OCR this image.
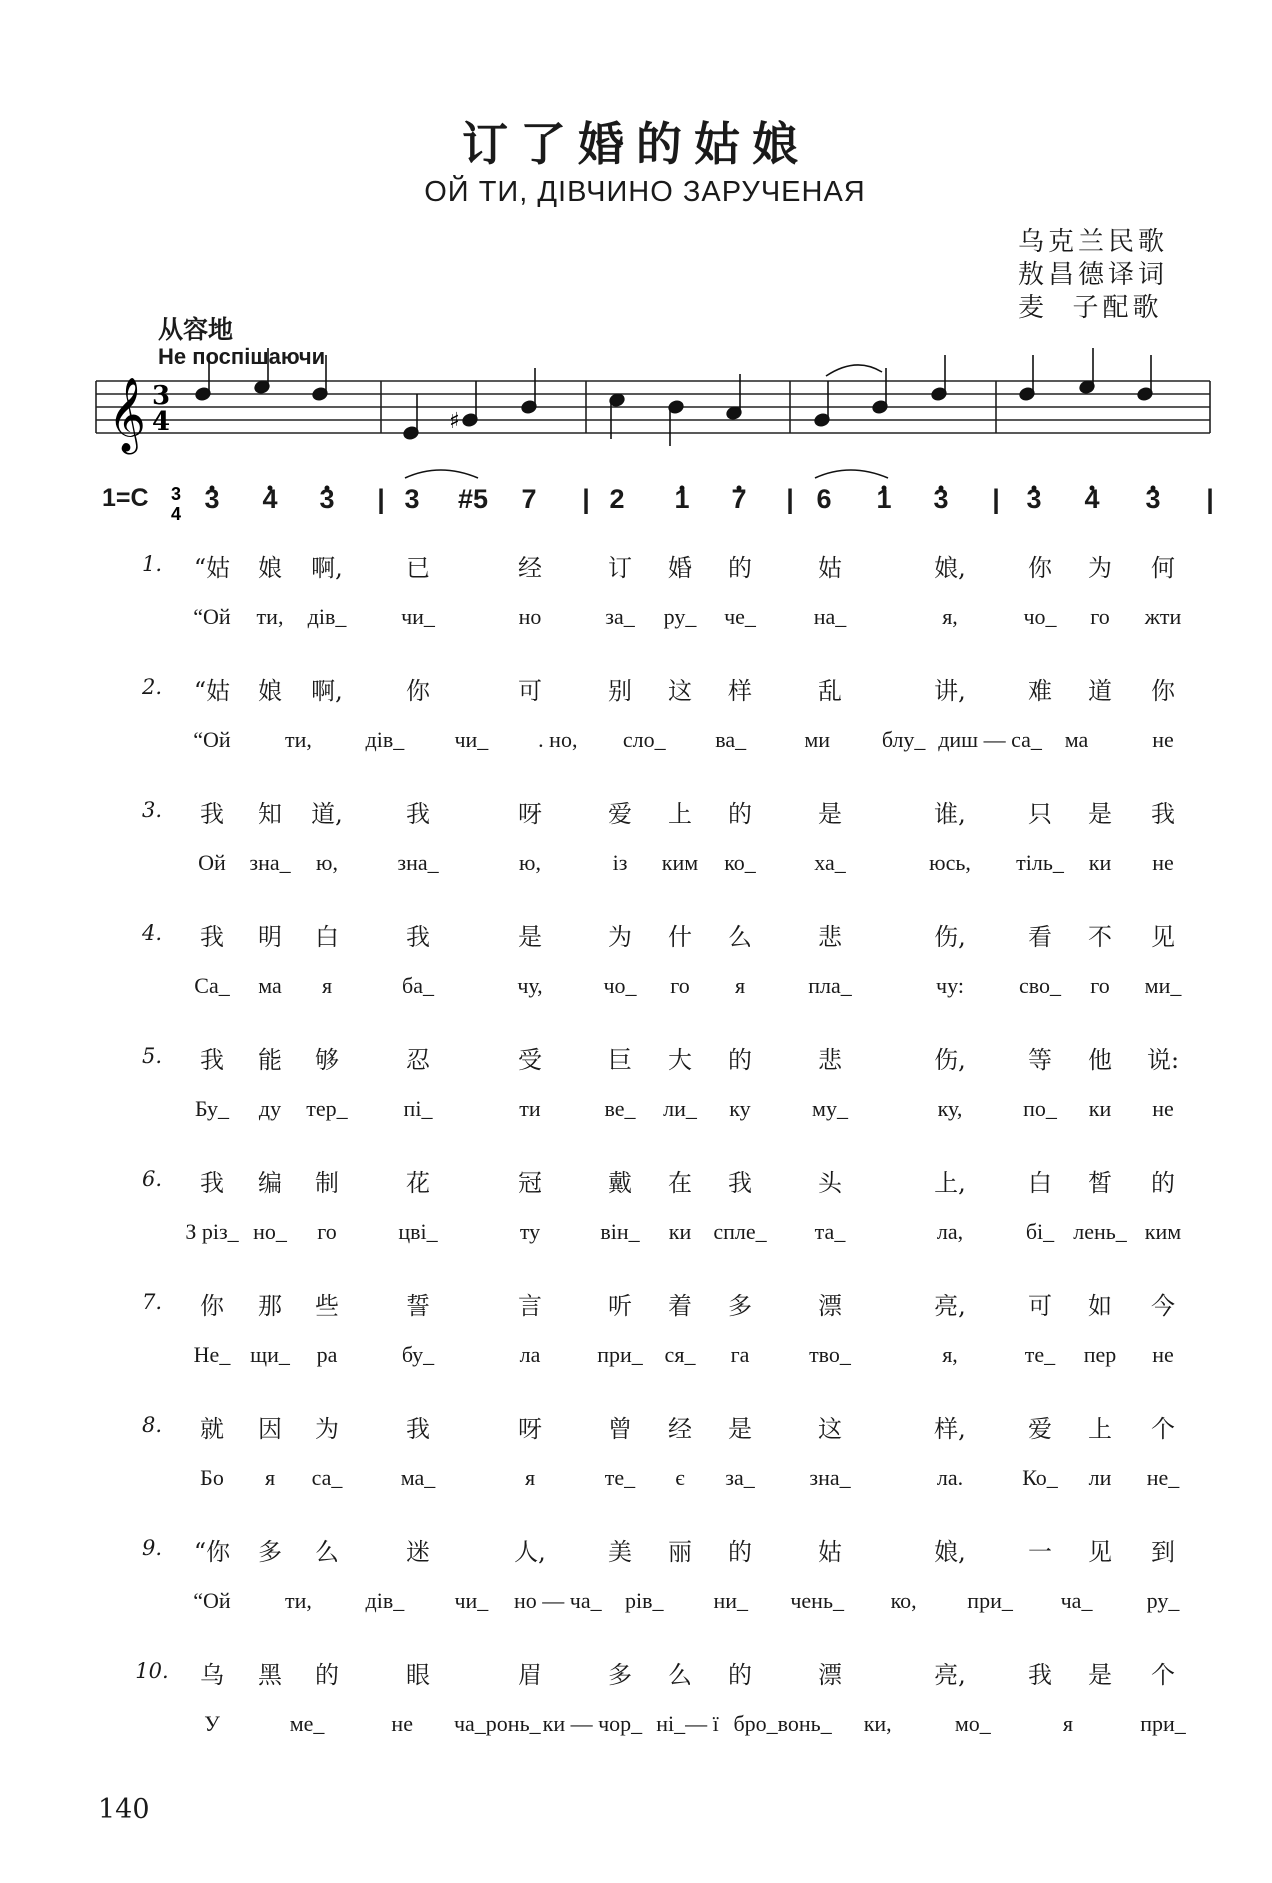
订了婚的姑娘
ОЙ ТИ, ДІВЧИНО ЗАРУЧЕНАЯ
乌克兰民歌
敖昌德译词
麦  子配歌
从容地
Не поспішаючи
𝄞 3
4	♯
3
4
1=C 3 4 3 | 3 #5 7 | 2 1 7 | 6 1 3 | 3 4 3 |
1. “姑 娘 啊,	已	经	订 婚 的	姑	娘,	你 为 何
“Ой ти, дів_ чи_	но	за_ ру_ че_	на_	я,	чо_ го жти
2. “姑 娘 啊,	你	可	别 这 样	乱	讲,	难 道 你
“Ой ти, дів_ чи_ . но, сло_ ва_	ми блу_ диш — са_ ма	не
3. 我 知 道,	我	呀	爱 上 的	是	谁,	只 是 我
Ой зна_ ю,	зна_	ю,	із ким ко_	ха_	юсь, тіль_ ки не
4. 我 明 白	我	是	为 什 么	悲	伤,	看 不 见
Са_ ма я	ба_	чу,	чо_ го я	пла_	чу:	сво_ го ми_
5. 我 能 够	忍	受	巨 大 的	悲	伤,	等 他 说:
Бу_ ду тер_	пі_	ти	ве_ ли_ ку	му_	ку,	по_ ки не
6. 我 编 制	花	冠	戴 在 我	头	上,	白 皙 的
З рiз_ но_ го	цві_	ту	він_ ки спле_ та_	ла,	бі_ лень_ ким
7. 你 那 些	誓	言	听 着 多	漂	亮,	可 如 今
Не_ щи_ ра	бу_	ла	при_ ся_ га	тво_	я,	те_ пер не
8. 就 因 为	我	呀	曾 经 是	这	样,	爱 上 个
Бо я са_	ма_	я	те_ є за_ зна_	ла.	Ко_ ли не_
9. “你 多 么	迷	人,	美 丽 的	姑	娘,	一 见 到
“Ой ти, дів_ чи_ но — ча_ рів_ ни_ чень_ ко, при_ ча_ ру_
10. 乌 黑 的	眼	眉	多 么 的	漂	亮,	我 是 个
У	ме_	не ча_ронь_ ки — чор_ ні_— ї бро_вонь_ ки,	мо_	я	при_
140
